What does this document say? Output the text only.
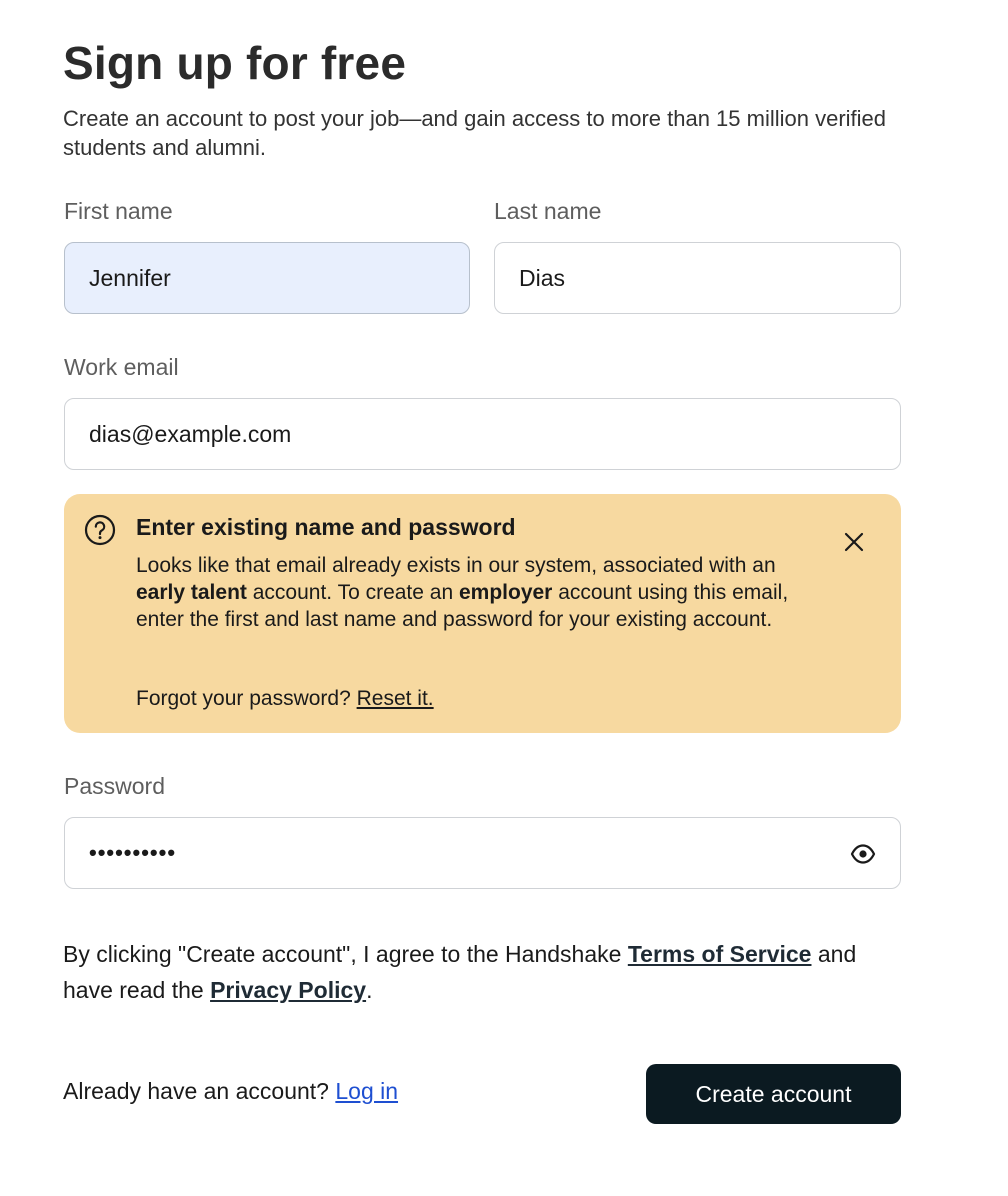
Sign up for free

Create an account to post your job—and gain access to more than 15 million verified students and alumni.

First name
Jennifer
Last name
Dias
Work email
dias@example.com
Enter existing name and password
Looks like that email already exists in our system, associated with an early talent account. To create an employer account using this email, enter the first and last name and password for your existing account.
Forgot your password? Reset it.
Password
••••••••••
By clicking "Create account", I agree to the Handshake Terms of Service and have read the Privacy Policy.
Already have an account? Log in	Create account
